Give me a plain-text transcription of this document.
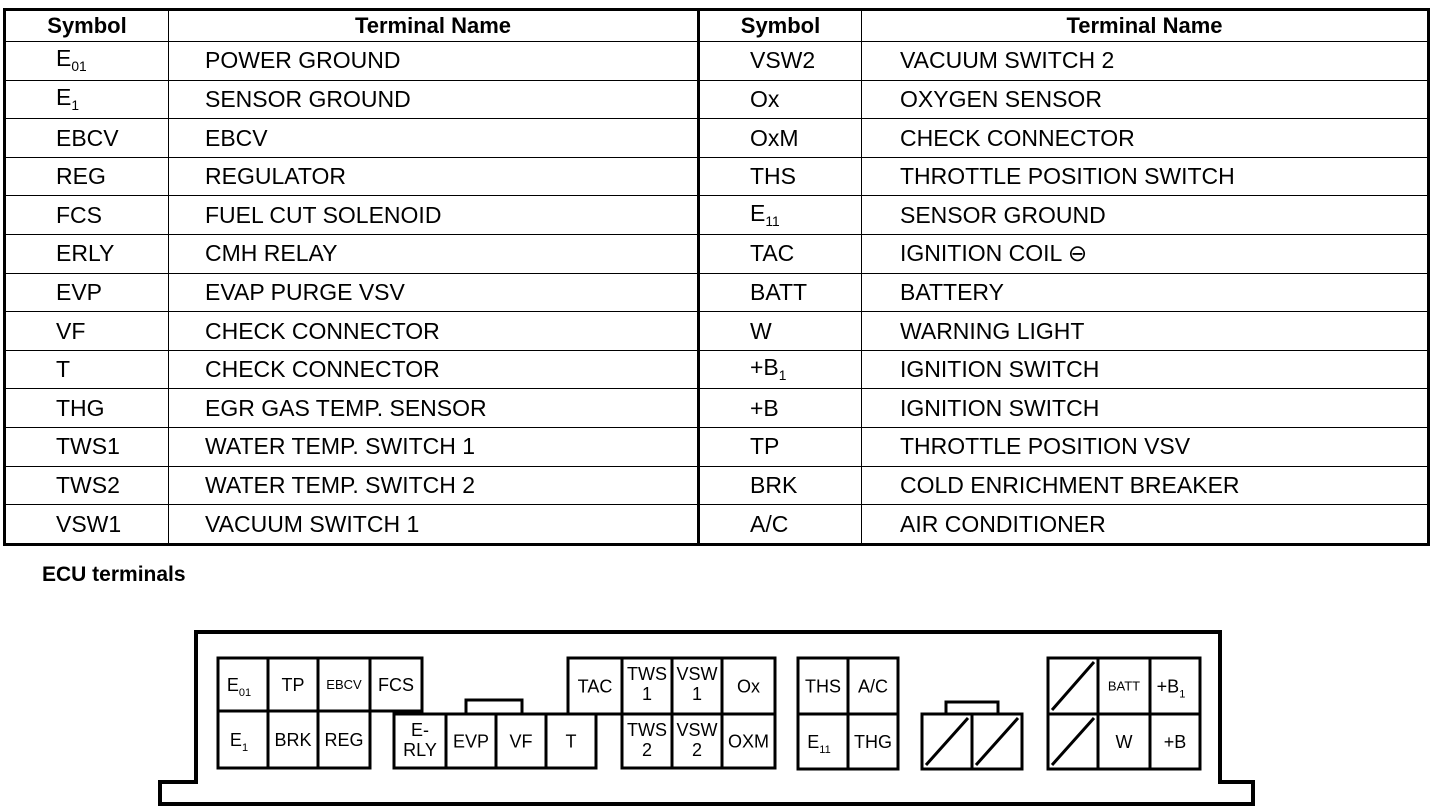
Symbol	Terminal Name	Symbol	Terminal Name
$E_{01}$	POWER GROUND	VSW2	VACUUM SWITCH 2
$E_1$	SENSOR GROUND	Ox	OXYGEN SENSOR
EBCV	EBCV	OxM	CHECK CONNECTOR
REG	REGULATOR	THS	THROTTLE POSITION SWITCH
FCS	FUEL CUT SOLENOID	$E_{11}$	SENSOR GROUND
ERLY	CMH RELAY	TAC	IGNITION COIL ⊖
EVP	EVAP PURGE VSV	BATT	BATTERY
VF	CHECK CONNECTOR	W	WARNING LIGHT
T	CHECK CONNECTOR	$+B_1$	IGNITION SWITCH
THG	EGR GAS TEMP. SENSOR	+B	IGNITION SWITCH
TWS1	WATER TEMP. SWITCH 1	TP	THROTTLE POSITION VSV
TWS2	WATER TEMP. SWITCH 2	BRK	COLD ENRICHMENT BREAKER
VSW1	VACUUM SWITCH 1	A/C	AIR CONDITIONER
ECU terminals
$E_{01}$ TP EBCV FCS
$E_1$ BRK REG	E-RLY EVP VF T
TAC
TWS 1
VSW 1	Ox
TWS 2
VSW 2	OXM
THS A/C
$E_{11}$ THG
BATT $+B_1$
W +B
